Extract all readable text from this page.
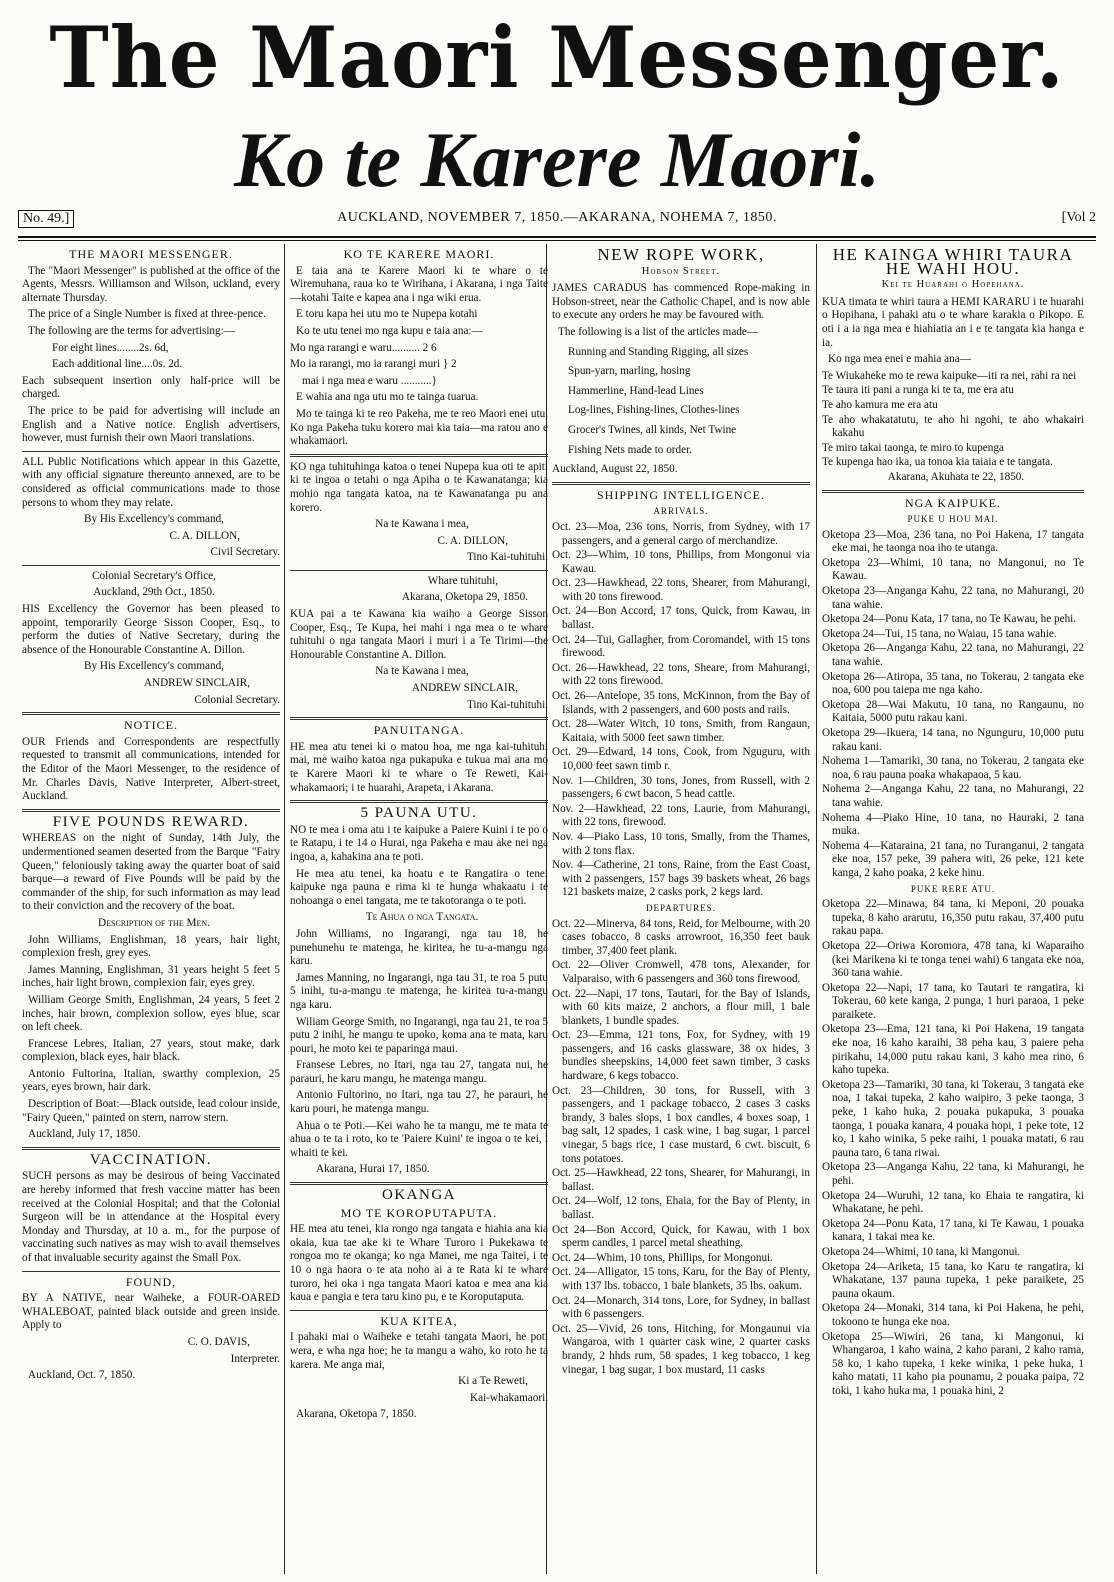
The Maori Messenger.
Ko te Karere Maori.
No. 49.]	AUCKLAND, NOVEMBER 7, 1850.—AKARANA, NOHEMA 7, 1850.	[Vol 2
THE MAORI MESSENGER.

The "Maori Messenger" is published at the office of the Agents, Messrs. Williamson and Wilson, uckland, every alternate Thursday.

The price of a Single Number is fixed at three-pence.

The following are the terms for advertising:—

For eight lines........2s. 6d,

Each additional line....0s. 2d.

Each subsequent insertion only half-price will be charged.

The price to be paid for advertising will include an English and a Native notice. English advertisers, however, must furnish their own Maori translations.

ALL Public Notifications which appear in this Gazette, with any official signature thereunto annexed, are to be considered as official communications made to those persons to whom they may relate.

By His Excellency's command,

C. A. DILLON,

Civil Secretary.

Colonial Secretary's Office,

Auckland, 29th Oct., 1850.

HIS Excellency the Governor has been pleased to appoint, temporarily George Sisson Cooper, Esq., to perform the duties of Native Secretary, during the absence of the Honourable Constantine A. Dillon.

By His Excellency's command,

ANDREW SINCLAIR,

Colonial Secretary.

NOTICE.

OUR Friends and Correspondents are respectfully requested to transmit all communications, intended for the Editor of the Maori Messenger, to the residence of Mr. Charles Davis, Native Interpreter, Albert-street, Auckland.

FIVE POUNDS REWARD.

WHEREAS on the night of Sunday, 14th July, the undermentioned seamen deserted from the Barque "Fairy Queen," feloniously taking away the quarter boat of said barque—a reward of Five Pounds will be paid by the commander of the ship, for such information as may lead to their conviction and the recovery of the boat.

Description of the Men.

John Williams, Englishman, 18 years, hair light, complexion fresh, grey eyes.

James Manning, Englishman, 31 years height 5 feet 5 inches, hair light brown, complexion fair, eyes grey.

William George Smith, Englishman, 24 years, 5 feet 2 inches, hair brown, complexion sollow, eyes blue, scar on left cheek.

Francese Lebres, Italian, 27 years, stout make, dark complexion, black eyes, hair black.

Antonio Fultorina, Italian, swarthy complexion, 25 years, eyes brown, hair dark.

Description of Boat:—Black outside, lead colour inside, "Fairy Queen," painted on stern, narrow stern.

Auckland, July 17, 1850.

VACCINATION.

SUCH persons as may be desirous of being Vaccinated are hereby informed that fresh vaccine matter has been received at the Colonial Hospital; and that the Colonial Surgeon will be in attendance at the Hospital every Monday and Thursday, at 10 a. m., for the purpose of vaccinating such natives as may wish to avail themselves of that invaluable security against the Small Pox.

FOUND,

BY A NATIVE, near Waiheke, a FOUR-OARED WHALEBOAT, painted black outside and green inside. Apply to

C. O. DAVIS,

Interpreter.

Auckland, Oct. 7, 1850.

KO TE KARERE MAORI.

E taia ana te Karere Maori ki te whare o te Wiremuhana, raua ko te Wirihana, i Akarana, i nga Taite—kotahi Taite e kapea ana i nga wiki erua.

E toru kapa hei utu mo te Nupepa kotahi

Ko te utu tenei mo nga kupu e taia ana:—

Mo nga rarangi e waru.......... 2 6

Mo ia rarangi, mo ia rarangi muri } 2

mai i nga mea e waru ...........}

E wahia ana nga utu mo te tainga tuarua.

Mo te tainga ki te reo Pakeha, me te reo Maori enei utu. Ko nga Pakeha tuku korero mai kia taia—ma ratou ano e whakamaori.

KO nga tuhituhinga katoa o tenei Nupepa kua oti te apiti ki te ingoa o tetahi o nga Apiha o te Kawanatanga; kia mohio nga tangata katoa, na te Kawanatanga pu ana korero.

Na te Kawana i mea,

C. A. DILLON,

Tino Kai-tuhituhi.

Whare tuhituhi,

Akarana, Oketopa 29, 1850.

KUA pai a te Kawana kia waiho a George Sisson Cooper, Esq., Te Kupa, hei mahi i nga mea o te whare tuhituhi o nga tangata Maori i muri i a Te Tirimi—the Honourable Constantine A. Dillon.

Na te Kawana i mea,

ANDREW SINCLAIR,

Tino Kai-tuhituhi.

PANUITANGA.

HE mea atu tenei ki o matou hoa, me nga kai-tuhituhi mai, me waiho katoa nga pukapuka e tukua mai ana mo te Karere Maori ki te whare o Te Reweti, Kai-whakamaori; i te huarahi, Arapeta, i Akarana.

5 PAUNA UTU.

NO te mea i oma atu i te kaipuke a Paiere Kuini i te po o te Ratapu, i te 14 o Hurai, nga Pakeha e mau ake nei nga ingoa, a, kahakina ana te poti.

He mea atu tenei, ka hoatu e te Rangatira o tenei kaipuke nga pauna e rima ki te hunga whakaatu i te nohoanga o enei tangata, me te takotoranga o te poti.

Te Ahua o nga Tangata.

John Williams, no Ingarangi, nga tau 18, he punehunehu te matenga, he kiritea, he tu-a-mangu nga karu.

James Manning, no Ingarangi, nga tau 31, te roa 5 putu 5 inihi, tu-a-mangu te matenga, he kiritea tu-a-mangu nga karu.

Wiliam George Smith, no Ingarangi, nga tau 21, te roa 5 putu 2 inihi, he mangu te upoko, koma ana te mata, karu pouri, he moto kei te paparinga maui.

Fransese Lebres, no Itari, nga tau 27, tangata nui, he parauri, he karu mangu, he matenga mangu.

Antonio Fultorino, no Itari, nga tau 27, he parauri, he karu pouri, he matenga mangu.

Ahua o te Poti.—Kei waho he ta mangu, me te mata te ahua o te ta i roto, ko te 'Paiere Kuini' te ingoa o te kei, i whaiti te kei.

Akarana, Hurai 17, 1850.

OKANGA
MO TE KOROPUTAPUTA.

HE mea atu tenei, kia rongo nga tangata e hiahia ana kia okaia, kua tae ake ki te Whare Turoro i Pukekawa te rongoa mo te okanga; ko nga Manei, me nga Taitei, i te 10 o nga haora o te ata noho ai a te Rata ki te whare turoro, hei oka i nga tangata Maori katoa e mea ana kia kaua e pangia e tera taru kino pu, e te Koroputaputa.

KUA KITEA,

I pahaki mai o Waiheke e tetahi tangata Maori, he poti wera, e wha nga hoe; he ta mangu a waho, ko roto he ta karera. Me anga mai,

Ki a Te Reweti,

Kai-whakamaori.

Akarana, Oketopa 7, 1850.

NEW ROPE WORK,
Hobson Street.

JAMES CARADUS has commenced Rope-making in Hobson-street, near the Catholic Chapel, and is now able to execute any orders he may be favoured with.

The following is a list of the articles made—

Running and Standing Rigging, all sizes

Spun-yarn, marling, hosing

Hammerline, Hand-lead Lines

Log-lines, Fishing-lines, Clothes-lines

Grocer's Twines, all kinds, Net Twine

Fishing Nets made to order.

Auckland, August 22, 1850.

SHIPPING INTELLIGENCE.
ARRIVALS.

Oct. 23—Moa, 236 tons, Norris, from Sydney, with 17 passengers, and a general cargo of merchandize.

Oct. 23—Whim, 10 tons, Phillips, from Mongonui via Kawau.

Oct. 23—Hawkhead, 22 tons, Shearer, from Mahurangi, with 20 tons firewood.

Oct. 24—Bon Accord, 17 tons, Quick, from Kawau, in ballast.

Oct. 24—Tui, Gallagher, from Coromandel, with 15 tons firewood.

Oct. 26—Hawkhead, 22 tons, Sheare, from Mahurangi, with 22 tons firewood.

Oct. 26—Antelope, 35 tons, McKinnon, from the Bay of Islands, with 2 passengers, and 600 posts and rails.

Oct. 28—Water Witch, 10 tons, Smith, from Rangaun, Kaitaia, with 5000 feet sawn timber.

Oct. 29—Edward, 14 tons, Cook, from Nguguru, with 10,000 feet sawn timb r.

Nov. 1—Children, 30 tons, Jones, from Russell, with 2 passengers, 6 cwt bacon, 5 head cattle.

Nov. 2—Hawkhead, 22 tons, Laurie, from Mahurangi, with 22 tons, firewood.

Nov. 4—Piako Lass, 10 tons, Smally, from the Thames, with 2 tons flax.

Nov. 4—Catherine, 21 tons, Raine, from the East Coast, with 2 passengers, 157 bags 39 baskets wheat, 26 bags 121 baskets maize, 2 casks pork, 2 kegs lard.

DEPARTURES.

Oct. 22—Minerva, 84 tons, Reid, for Melbourne, with 20 cases tobacco, 8 casks arrowroot, 16,350 feet bauk timber, 37,400 feet plank.

Oct. 22—Oliver Cromwell, 478 tons, Alexander, for Valparaiso, with 6 passengers and 360 tons firewood.

Oct. 22—Napi, 17 tons, Tautari, for the Bay of Islands, with 60 kits maize, 2 anchors, a flour mill, 1 bale blankets, 1 bundle spades.

Oct. 23—Emma, 121 tons, Fox, for Sydney, with 19 passengers, and 16 casks glassware, 38 ox hides, 3 bundles sheepskins, 14,000 feet sawn timber, 3 casks hardware, 6 kegs tobacco.

Oct. 23—Children, 30 tons, for Russell, with 3 passengers, and 1 package tobacco, 2 cases 3 casks brandy, 3 bales slops, 1 box candles, 4 boxes soap, 1 bag salt, 12 spades, 1 cask wine, 1 bag sugar, 1 parcel vinegar, 5 bags rice, 1 case mustard, 6 cwt. biscuit, 6 tons potatoes.

Oct. 25—Hawkhead, 22 tons, Shearer, for Mahurangi, in ballast.

Oct. 24—Wolf, 12 tons, Ehaia, for the Bay of Plenty, in ballast.

Oct 24—Bon Accord, Quick, for Kawau, with 1 box sperm candles, 1 parcel metal sheathing.

Oct. 24—Whim, 10 tons, Phillips, for Mongonui.

Oct. 24—Alligator, 15 tons, Karu, for the Bay of Plenty, with 137 lbs. tobacco, 1 bale blankets, 35 lbs. oakum.

Oct. 24—Monarch, 314 tons, Lore, for Sydney, in ballast with 6 passengers.

Oct. 25—Vivid, 26 tons, Hitching, for Mongaunui via Wangaroa, with 1 quarter cask wine, 2 quarter casks brandy, 2 hhds rum, 58 spades, 1 keg tobacco, 1 keg vinegar, 1 bag sugar, 1 box mustard, 11 casks

HE KAINGA WHIRI TAURA HE WAHI HOU.
Kei te Huarahi o Hopehana.

KUA timata te whiri taura a HEMI KARARU i te huarahi o Hopihana, i pahaki atu o te whare karakia o Pikopo. E oti i a ia nga mea e hiahiatia an i e te tangata kia hanga e ia.

Ko nga mea enei e mahia ana—

Te Wiukaheke mo te rewa kaipuke—iti ra nei, rahi ra nei

Te taura iti pani a runga ki te ta, me era atu

Te aho kamura me era atu

Te aho whakatatutu, te aho hi ngohi, te aho whakairi kakahu

Te miro takai taonga, te miro to kupenga

Te kupenga hao ika, ua tonoa kia taiaia e te tangata.

Akarana, Akuhata te 22, 1850.

NGA KAIPUKE.
PUKE U HOU MAI.

Oketopa 23—Moa, 236 tana, no Poi Hakena, 17 tangata eke mai, he taonga noa iho te utanga.

Oketopa 23—Whimi, 10 tana, no Mangonui, no Te Kawau.

Oketopa 23—Anganga Kahu, 22 tana, no Mahurangi, 20 tana wahie.

Oketopa 24—Ponu Kata, 17 tana, no Te Kawau, he pehi.

Oketopa 24—Tui, 15 tana, no Waiau, 15 tana wahie.

Oketopa 26—Anganga Kahu, 22 tana, no Mahurangi, 22 tana wahie.

Oketopa 26—Atiropa, 35 tana, no Tokerau, 2 tangata eke noa, 600 pou taiepa me nga kaho.

Oketopa 28—Wai Makutu, 10 tana, no Rangaunu, no Kaitaia, 5000 putu rakau kani.

Oketopa 29—Ikuera, 14 tana, no Ngunguru, 10,000 putu rakau kani.

Nohema 1—Tamariki, 30 tana, no Tokerau, 2 tangata eke noa, 6 rau pauna poaka whakapaoa, 5 kau.

Nohema 2—Anganga Kahu, 22 tana, no Mahurangi, 22 tana wahie.

Nohema 4—Piako Hine, 10 tana, no Hauraki, 2 tana muka.

Nohema 4—Kataraina, 21 tana, no Turanganui, 2 tangata eke noa, 157 peke, 39 pahera witi, 26 peke, 121 kete kanga, 2 kaho poaka, 2 keke hinu.

PUKE RERE ATU.

Oketopa 22—Minawa, 84 tana, ki Meponi, 20 pouaka tupeka, 8 kaho ararutu, 16,350 putu rakau, 37,400 putu rakau papa.

Oketopa 22—Oriwa Koromora, 478 tana, ki Waparaiho (kei Marikena ki te tonga tenei wahi) 6 tangata eke noa, 360 tana wahie.

Oketopa 22—Napi, 17 tana, ko Tautari te rangatira, ki Tokerau, 60 kete kanga, 2 punga, 1 huri paraoa, 1 peke paraikete.

Oketopa 23—Ema, 121 tana, ki Poi Hakena, 19 tangata eke noa, 16 kaho karaihi, 38 peha kau, 3 paiere peha pirikahu, 14,000 putu rakau kani, 3 kaho mea rino, 6 kaho tupeka.

Oketopa 23—Tamariki, 30 tana, ki Tokerau, 3 tangata eke noa, 1 takai tupeka, 2 kaho waipiro, 3 peke taonga, 3 peke, 1 kaho huka, 2 pouaka pukapuka, 3 pouaka taonga, 1 pouaka kanara, 4 pouaka hopi, 1 peke tote, 12 ko, 1 kaho winika, 5 peke raihi, 1 pouaka matati, 6 rau pauna taro, 6 tana riwai.

Oketopa 23—Anganga Kahu, 22 tana, ki Mahurangi, he pehi.

Oketopa 24—Wuruhi, 12 tana, ko Ehaia te rangatira, ki Whakatane, he pehi.

Oketopa 24—Ponu Kata, 17 tana, ki Te Kawau, 1 pouaka kanara, 1 takai mea ke.

Oketopa 24—Whimi, 10 tana, ki Mangonui.

Oketopa 24—Ariketa, 15 tana, ko Karu te rangatira, ki Whakatane, 137 pauna tupeka, 1 peke paraikete, 25 pauna okaum.

Oketopa 24—Monaki, 314 tana, ki Poi Hakena, he pehi, tokoono te hunga eke noa.

Oketopa 25—Wiwiri, 26 tana, ki Mangonui, ki Whangaroa, 1 kaho waina, 2 kaho parani, 2 kaho rama, 58 ko, 1 kaho tupeka, 1 keke winika, 1 peke huka, 1 kaho matati, 11 kaho pia pounamu, 2 pouaka paipa, 72 toki, 1 kaho huka ma, 1 pouaka hini, 2
